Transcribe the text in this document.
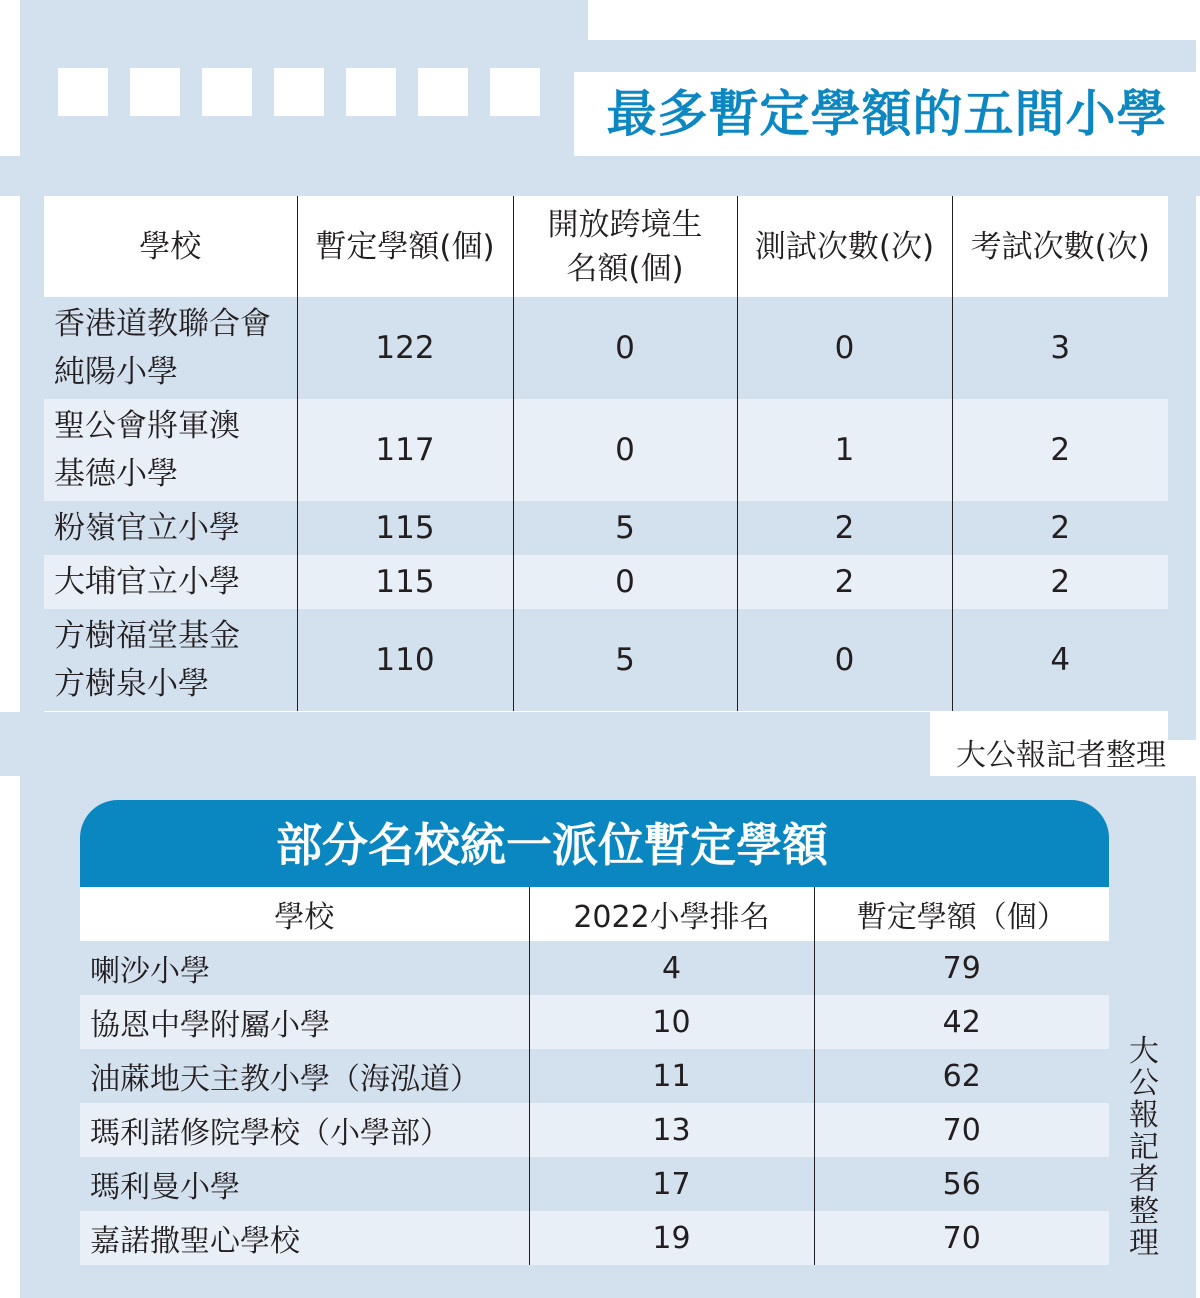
最多暫定學額的五間小學
學校	暫定學額(個)	開放跨境生名額(個)	測試次數(次)	考試次數(次)
香港道教聯合會純陽小學	122	0	0	3
聖公會將軍澳基德小學	117	0	1	2
粉嶺官立小學	115	5	2	2
大埔官立小學	115	0	2	2
方樹福堂基金方樹泉小學	110	5	0	4
大公報記者整理
部分名校統一派位暫定學額
學校	2022小學排名	暫定學額（個）
喇沙小學	4	79
協恩中學附屬小學	10	42
油蔴地天主教小學（海泓道）	11	62
瑪利諾修院學校（小學部）	13	70
瑪利曼小學	17	56
嘉諾撒聖心學校	19	70
大公報記者整理
